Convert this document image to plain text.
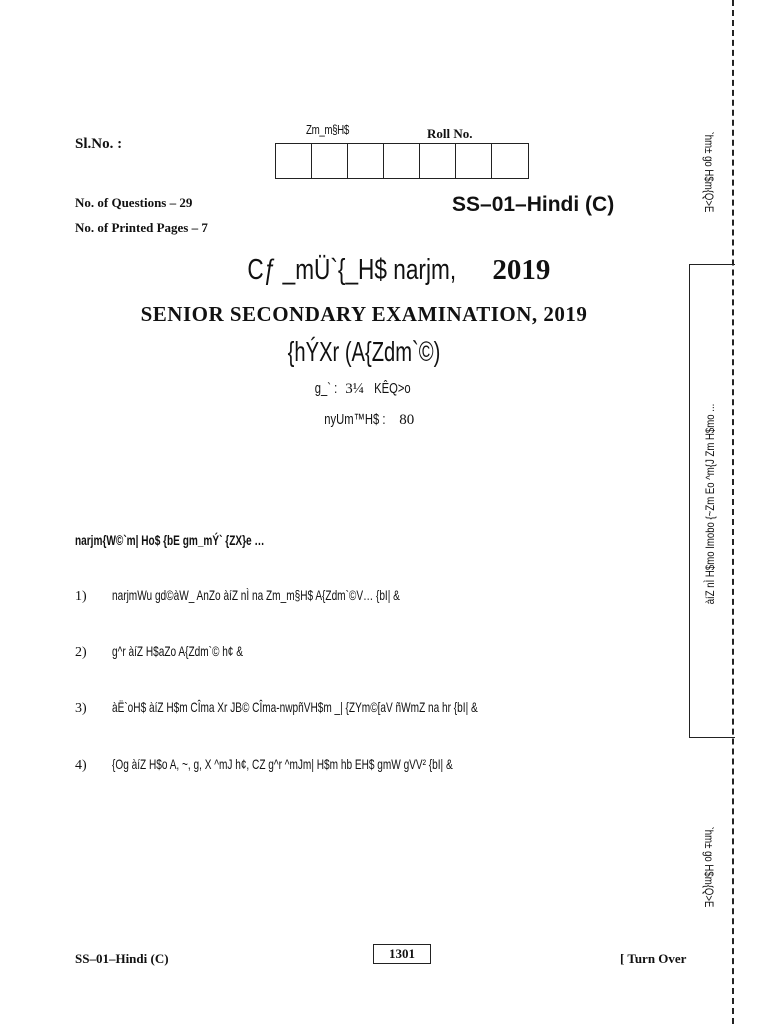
Sl.No. :
No. of Questions – 29
No. of Printed Pages – 7
Zm_m§H$	Roll No.
SS–01–Hindi (C)
Cƒ _mÜ`{_H$ narjm, 2019
SENIOR SECONDARY EXAMINATION, 2019
{hÝXr (A{Zdm`©)
g_` : 3¼ KÊQ>o
nyUm™H$ : 80
narjm{W©`m| Ho$ {bE gm_mÝ` {ZX}e …
1) narjmWu gd©àW_ AnZo àíZ nÌ na Zm_m§H$ A{Zdm`©V… {bI| &
2) g^r àíZ H$aZo A{Zdm`© h¢ &
3) àË`oH$ àíZ H$m CÎma Xr JB© CÎma-nwpñVH$m _| {ZYm©[aV ñWmZ na hr {bI| &
4) {Og àíZ H$o A, ~, g, X ^mJ h¢, CZ g^r ^mJm| H$m hb EH$ gmW gVV² {bI| &
SS–01–Hindi (C)	1301	[ Turn Over
`hm± go H$m{Q>E
àíZ nÌ H$mo Imobo {~Zm Eo ^m{J Zm H$mo ...
`hm± go H$m{Q>E
